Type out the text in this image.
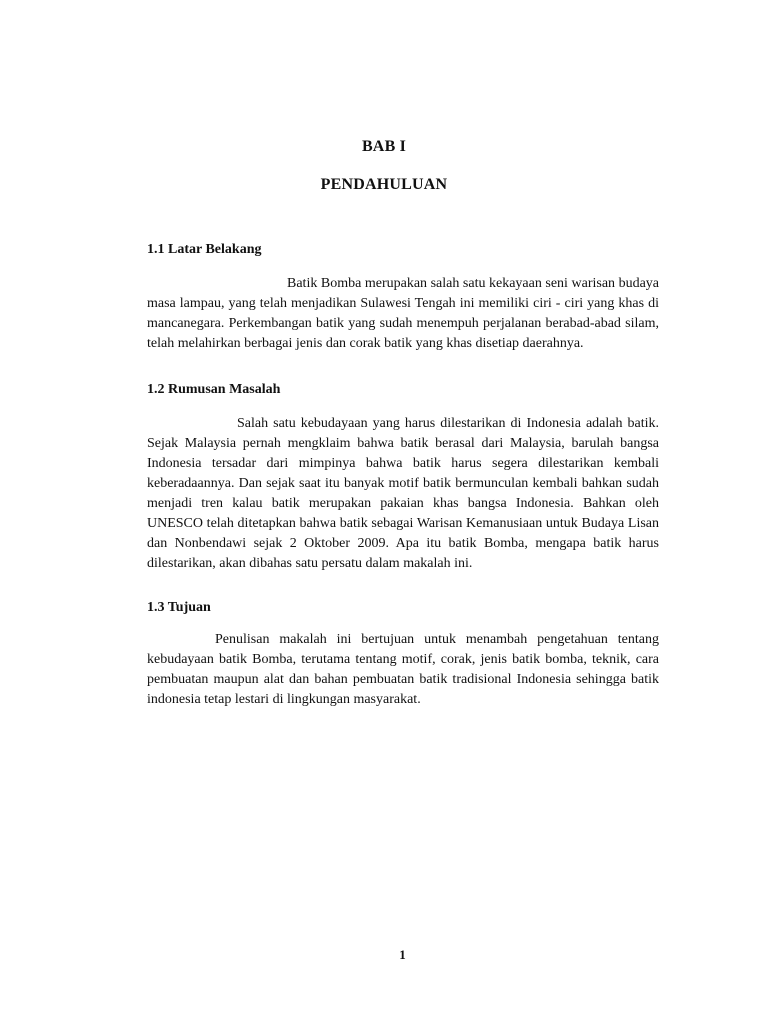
BAB I
PENDAHULUAN
1.1 Latar Belakang

Batik Bomba merupakan salah satu kekayaan seni warisan budaya masa lampau, yang telah menjadikan Sulawesi Tengah ini memiliki ciri - ciri yang khas di mancanegara. Perkembangan batik yang sudah menempuh perjalanan berabad-abad silam, telah melahirkan berbagai jenis dan corak batik yang khas disetiap daerahnya.

1.2 Rumusan Masalah

Salah satu kebudayaan yang harus dilestarikan di Indonesia adalah batik. Sejak Malaysia pernah mengklaim bahwa batik berasal dari Malaysia, barulah bangsa Indonesia tersadar dari mimpinya bahwa batik harus segera dilestarikan kembali keberadaannya. Dan sejak saat itu banyak motif batik bermunculan kembali bahkan sudah menjadi tren kalau batik merupakan pakaian khas bangsa Indonesia. Bahkan oleh UNESCO telah ditetapkan bahwa batik sebagai Warisan Kemanusiaan untuk Budaya Lisan dan Nonbendawi sejak 2 Oktober 2009. Apa itu batik Bomba, mengapa batik harus dilestarikan, akan dibahas satu persatu dalam makalah ini.

1.3 Tujuan

Penulisan makalah ini bertujuan untuk menambah pengetahuan tentang kebudayaan batik Bomba, terutama tentang motif, corak, jenis batik bomba, teknik, cara pembuatan maupun alat dan bahan pembuatan batik tradisional Indonesia sehingga batik indonesia tetap lestari di lingkungan masyarakat.

1
